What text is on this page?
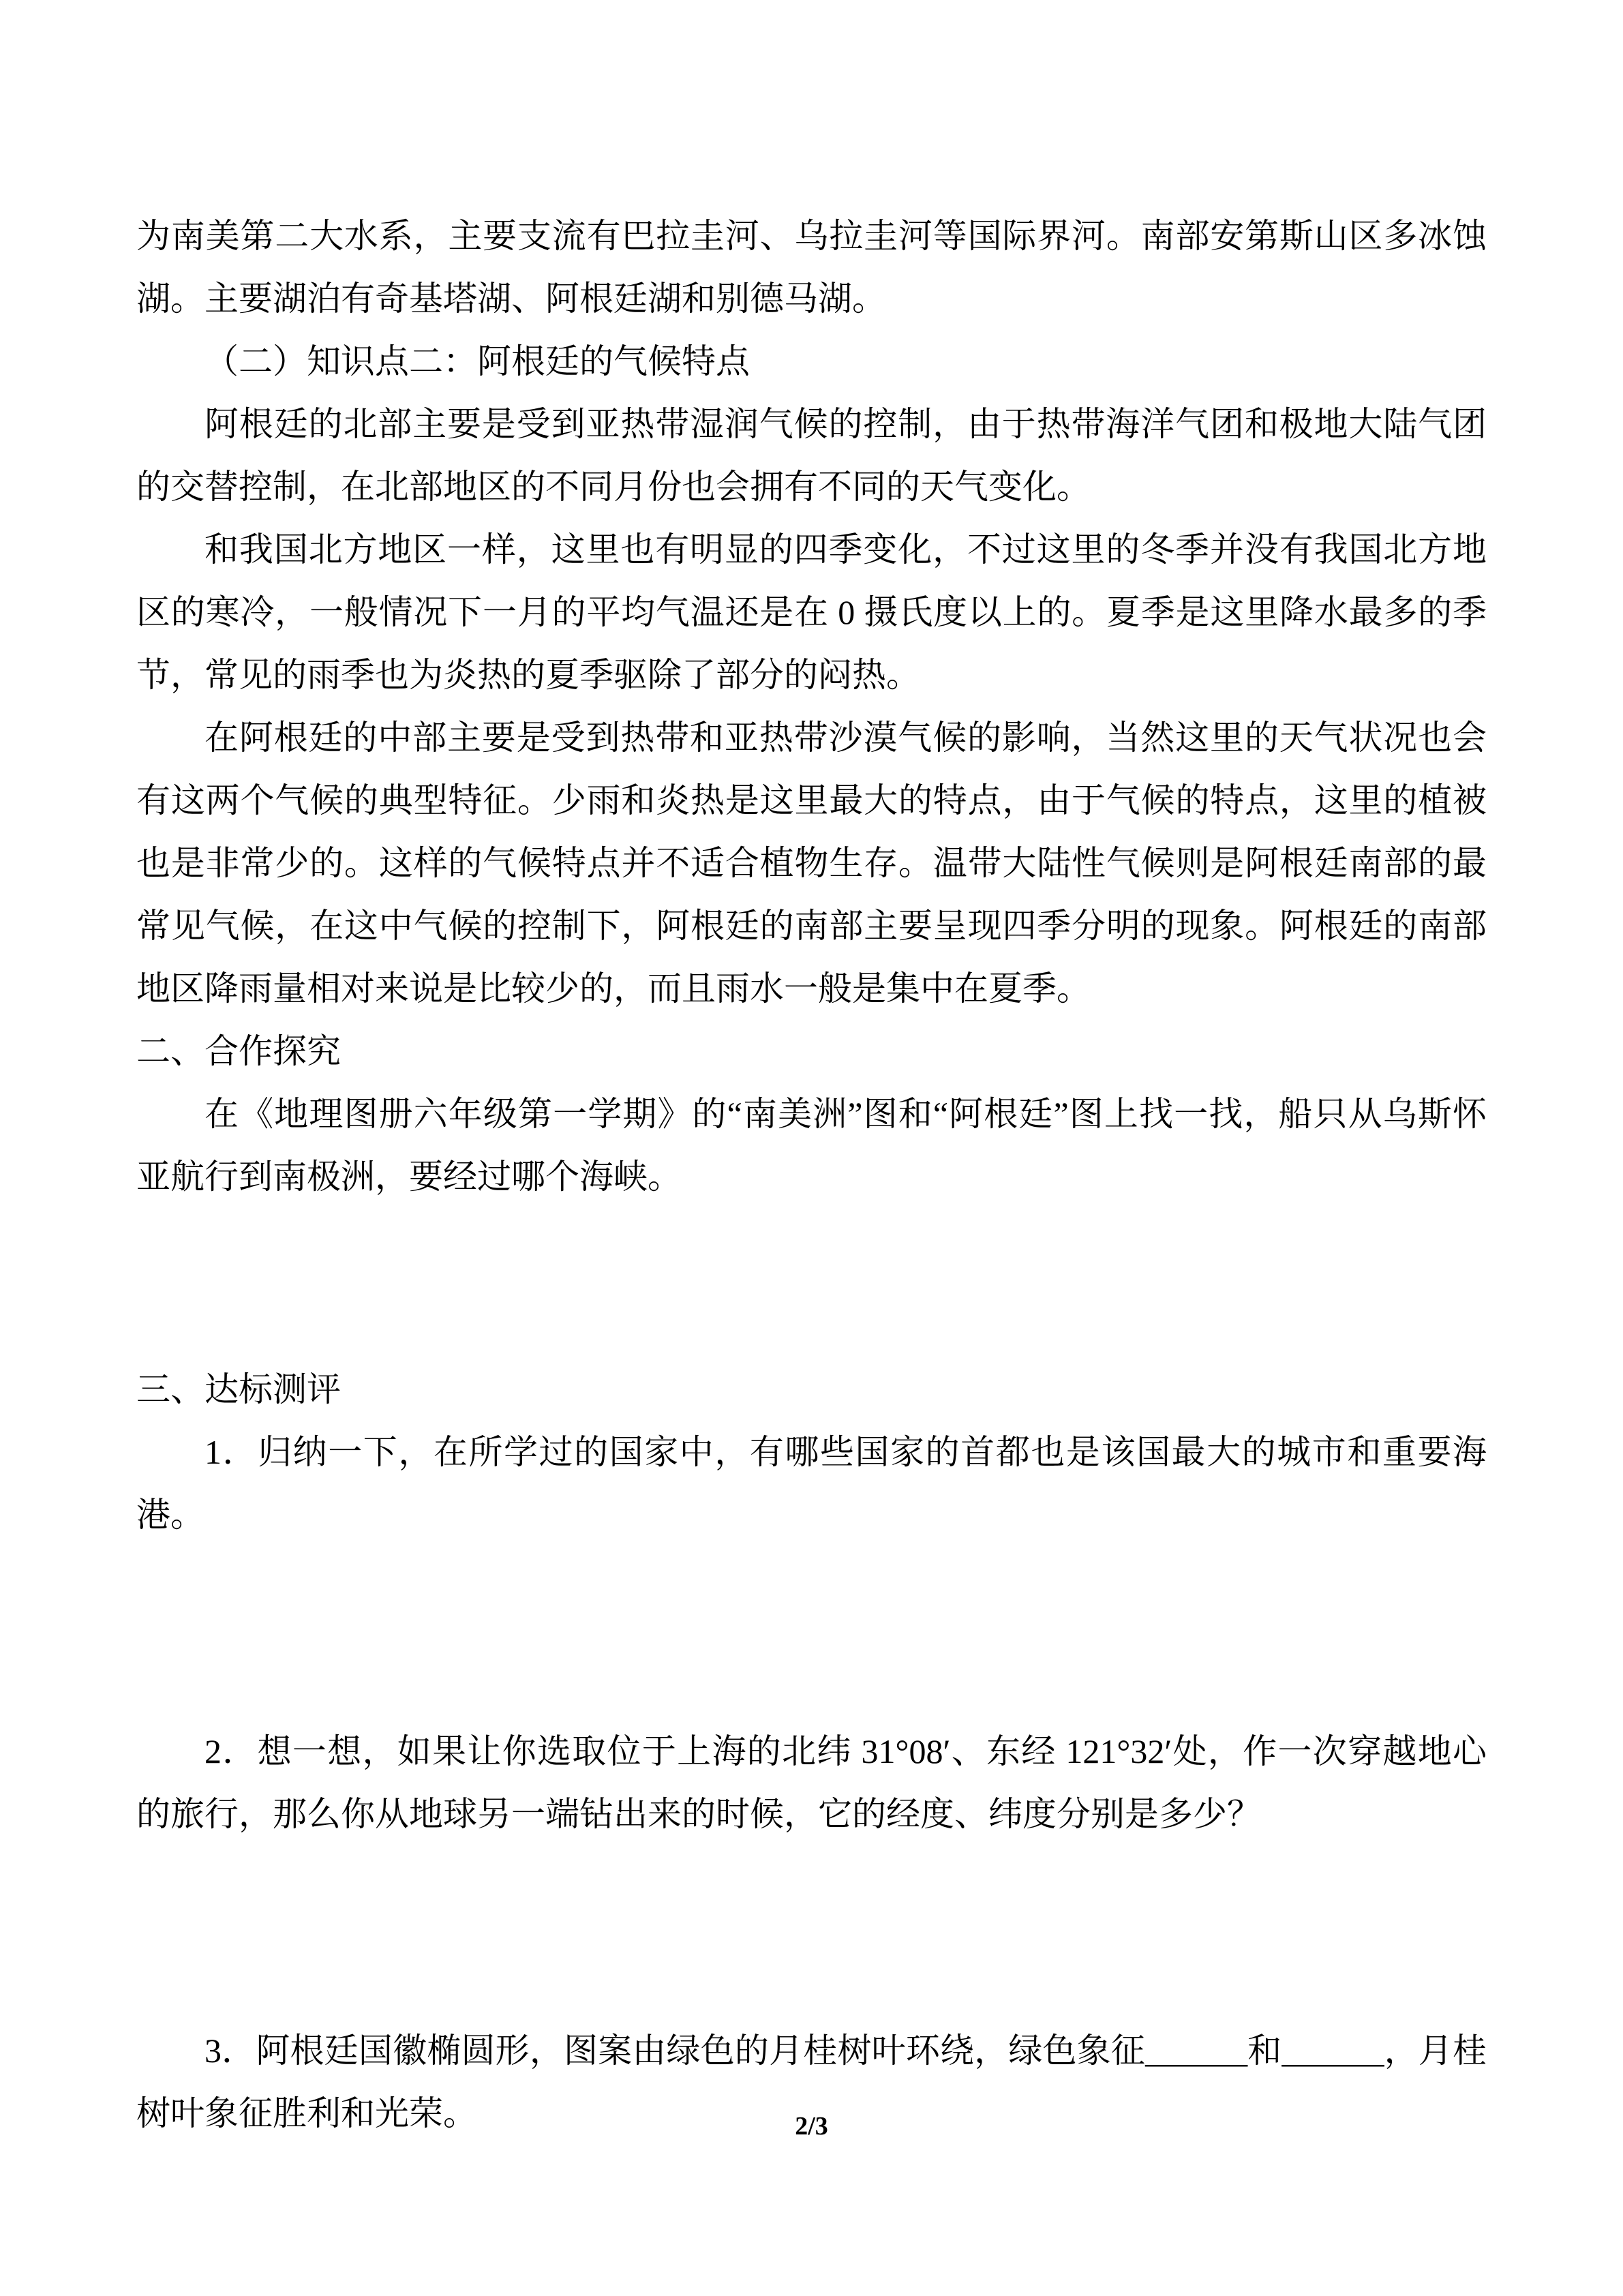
为南美第二大水系，主要支流有巴拉圭河、乌拉圭河等国际界河。南部安第斯山区多冰蚀湖。主要湖泊有奇基塔湖、阿根廷湖和别德马湖。

（二）知识点二：阿根廷的气候特点

阿根廷的北部主要是受到亚热带湿润气候的控制，由于热带海洋气团和极地大陆气团的交替控制，在北部地区的不同月份也会拥有不同的天气变化。

和我国北方地区一样，这里也有明显的四季变化，不过这里的冬季并没有我国北方地区的寒冷，一般情况下一月的平均气温还是在 0 摄氏度以上的。夏季是这里降水最多的季节，常见的雨季也为炎热的夏季驱除了部分的闷热。

在阿根廷的中部主要是受到热带和亚热带沙漠气候的影响，当然这里的天气状况也会有这两个气候的典型特征。少雨和炎热是这里最大的特点，由于气候的特点，这里的植被也是非常少的。这样的气候特点并不适合植物生存。温带大陆性气候则是阿根廷南部的最常见气候，在这中气候的控制下，阿根廷的南部主要呈现四季分明的现象。阿根廷的南部地区降雨量相对来说是比较少的，而且雨水一般是集中在夏季。

二、合作探究

在《地理图册六年级第一学期》的“南美洲”图和“阿根廷”图上找一找，船只从乌斯怀亚航行到南极洲，要经过哪个海峡。

三、达标测评

1．归纳一下，在所学过的国家中，有哪些国家的首都也是该国最大的城市和重要海港。

2．想一想，如果让你选取位于上海的北纬 31°08′、东经 121°32′处，作一次穿越地心的旅行，那么你从地球另一端钻出来的时候，它的经度、纬度分别是多少？

3．阿根廷国徽椭圆形，图案由绿色的月桂树叶环绕，绿色象征______和______，月桂树叶象征胜利和光荣。	2/3
